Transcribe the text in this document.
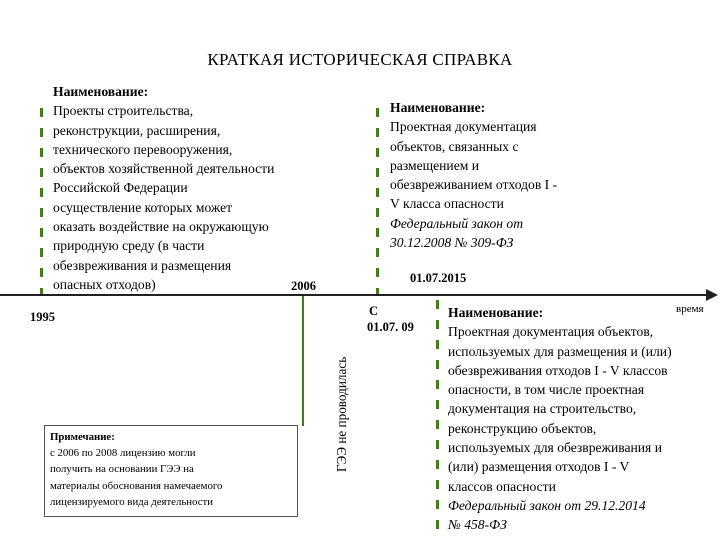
КРАТКАЯ ИСТОРИЧЕСКАЯ СПРАВКА
Наименование:
Проекты строительства,
реконструкции, расширения,
технического перевооружения,
объектов хозяйственной деятельности
Российской Федерации
осуществление которых может
оказать воздействие на окружающую
природную среду (в части
обезвреживания и размещения
опасных отходов)
Наименование:
Проектная документация
объектов, связанных с
размещением и
обезвреживанием отходов I -
V класса опасности
Федеральный закон от
30.12.2008 № 309-ФЗ
Наименование:
Проектная документация объектов,
используемых для размещения и (или)
обезвреживания отходов I - V классов
опасности, в том числе проектная
документация на строительство,
реконструкцию объектов,
используемых для обезвреживания и
(или) размещения отходов I - V
классов опасности
Федеральный закон от 29.12.2014
№ 458-ФЗ
1995
2006
С
01.07. 09
01.07.2015
время
ГЭЭ не проводилась
Примечание:
с 2006 по 2008 лицензию могли
получить на основании ГЭЭ на
материалы обоснования намечаемого
лицензируемого вида деятельности
